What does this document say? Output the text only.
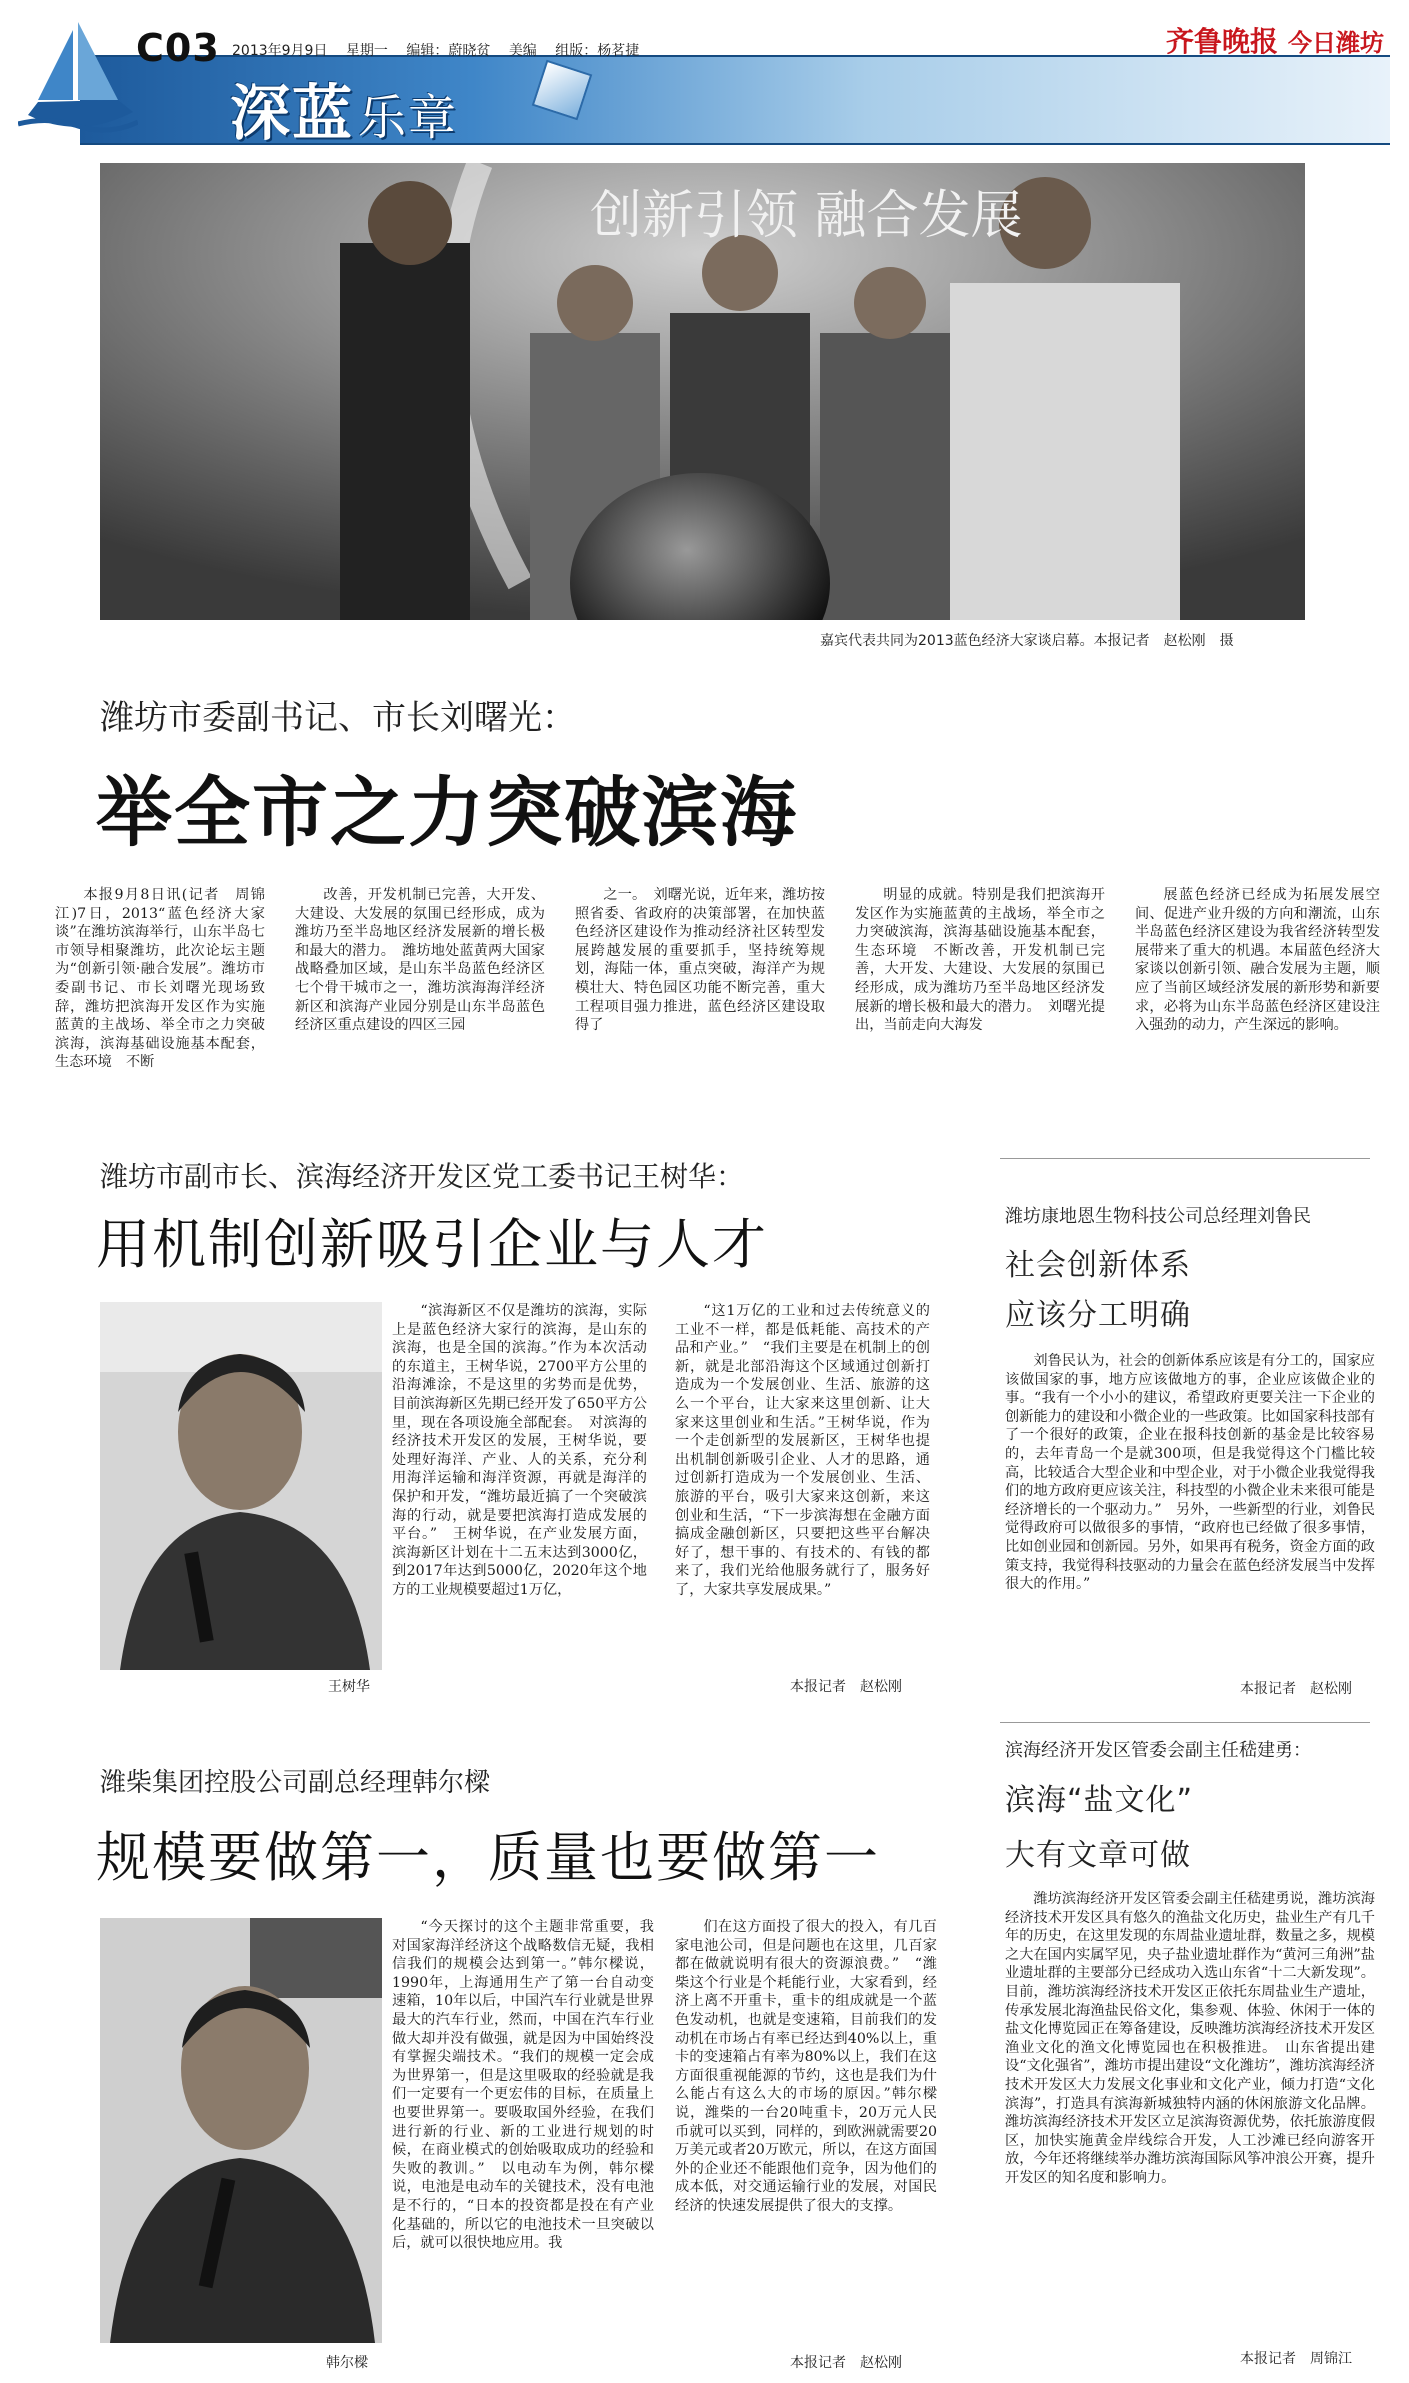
C03 2013年9月9日 星期一 编辑：蔚晓贫 美编 组版：杨茗捷
深蓝乐章
齐鲁晚报 今日潍坊
创新引领 融合发展
嘉宾代表共同为2013蓝色经济大家谈启幕。本报记者　赵松刚　摄
潍坊市委副书记、市长刘曙光：
举全市之力突破滨海

本报9月8日讯(记者　周锦江)7日，2013“蓝色经济大家谈”在潍坊滨海举行，山东半岛七市领导相聚潍坊，此次论坛主题为“创新引领·融合发展”。潍坊市委副书记、市长刘曙光现场致辞，潍坊把滨海开发区作为实施蓝黄的主战场、举全市之力突破滨海，滨海基础设施基本配套，生态环境　不断

改善，开发机制已完善，大开发、大建设、大发展的氛围已经形成，成为潍坊乃至半岛地区经济发展新的增长极和最大的潜力。　潍坊地处蓝黄两大国家战略叠加区域，是山东半岛蓝色经济区七个骨干城市之一，潍坊滨海海洋经济新区和滨海产业园分别是山东半岛蓝色经济区重点建设的四区三园

之一。　刘曙光说，近年来，潍坊按照省委、省政府的决策部署，在加快蓝色经济区建设作为推动经济社区转型发展跨越发展的重要抓手，坚持统筹规划，海陆一体，重点突破，海洋产为规模壮大、特色园区功能不断完善，重大工程项目强力推进，蓝色经济区建设取得了

明显的成就。特别是我们把滨海开发区作为实施蓝黄的主战场，举全市之力突破滨海，滨海基础设施基本配套，生态环境　不断改善，开发机制已完善，大开发、大建设、大发展的氛围已经形成，成为潍坊乃至半岛地区经济发展新的增长极和最大的潜力。　刘曙光提出，当前走向大海发

展蓝色经济已经成为拓展发展空间、促进产业升级的方向和潮流，山东半岛蓝色经济区建设为我省经济转型发展带来了重大的机遇。本届蓝色经济大家谈以创新引领、融合发展为主题，顺应了当前区域经济发展的新形势和新要求，必将为山东半岛蓝色经济区建设注入强劲的动力，产生深远的影响。

潍坊市副市长、滨海经济开发区党工委书记王树华：
用机制创新吸引企业与人才
王树华

“滨海新区不仅是潍坊的滨海，实际上是蓝色经济大家行的滨海，是山东的滨海，也是全国的滨海。”作为本次活动的东道主，王树华说，2700平方公里的沿海滩涂，不是这里的劣势而是优势，目前滨海新区先期已经开发了650平方公里，现在各项设施全部配套。　对滨海的经济技术开发区的发展，王树华说，要处理好海洋、产业、人的关系，充分利用海洋运输和海洋资源，再就是海洋的保护和开发，“潍坊最近搞了一个突破滨海的行动，就是要把滨海打造成发展的平台。”　王树华说，在产业发展方面，滨海新区计划在十二五末达到3000亿，到2017年达到5000亿，2020年这个地方的工业规模要超过1万亿，

“这1万亿的工业和过去传统意义的工业不一样，都是低耗能、高技术的产品和产业。”　“我们主要是在机制上的创新，就是北部沿海这个区域通过创新打造成为一个发展创业、生活、旅游的这么一个平台，让大家来这里创新、让大家来这里创业和生活。”王树华说，作为一个走创新型的发展新区，王树华也提出机制创新吸引企业、人才的思路，通过创新打造成为一个发展创业、生活、旅游的平台，吸引大家来这创新，来这创业和生活，“下一步滨海想在金融方面搞成金融创新区，只要把这些平台解决好了，想干事的、有技术的、有钱的都来了，我们光给他服务就行了，服务好了，大家共享发展成果。”

本报记者　赵松刚
潍坊康地恩生物科技公司总经理刘鲁民
社会创新体系
应该分工明确

刘鲁民认为，社会的创新体系应该是有分工的，国家应该做国家的事，地方应该做地方的事，企业应该做企业的事。“我有一个小小的建议，希望政府更要关注一下企业的创新能力的建设和小微企业的一些政策。比如国家科技部有了一个很好的政策，企业在报科技创新的基金是比较容易的，去年青岛一个是就300项，但是我觉得这个门槛比较高，比较适合大型企业和中型企业，对于小微企业我觉得我们的地方政府更应该关注，科技型的小微企业未来很可能是经济增长的一个驱动力。”　另外，一些新型的行业，刘鲁民觉得政府可以做很多的事情，“政府也已经做了很多事情，比如创业园和创新园。另外，如果再有税务，资金方面的政策支持，我觉得科技驱动的力量会在蓝色经济发展当中发挥很大的作用。”

本报记者　赵松刚
潍柴集团控股公司副总经理韩尔樑
规模要做第一，质量也要做第一
韩尔樑

“今天探讨的这个主题非常重要，我对国家海洋经济这个战略数信无疑，我相信我们的规模会达到第一。”韩尔樑说，1990年，上海通用生产了第一台自动变速箱，10年以后，中国汽车行业就是世界最大的汽车行业，然而，中国在汽车行业做大却并没有做强，就是因为中国始终没有掌握尖端技术。“我们的规模一定会成为世界第一，但是这里吸取的经验就是我们一定要有一个更宏伟的目标，在质量上也要世界第一。要吸取国外经验，在我们进行新的行业、新的工业进行规划的时候，在商业模式的创始吸取成功的经验和失败的教训。”　以电动车为例，韩尔樑说，电池是电动车的关键技术，没有电池是不行的，“日本的投资都是投在有产业化基础的，所以它的电池技术一旦突破以后，就可以很快地应用。我

们在这方面投了很大的投入，有几百家电池公司，但是问题也在这里，几百家都在做就说明有很大的资源浪费。”　“潍柴这个行业是个耗能行业，大家看到，经济上离不开重卡，重卡的组成就是一个蓝色发动机，也就是变速箱，目前我们的发动机在市场占有率已经达到40%以上，重卡的变速箱占有率为80%以上，我们在这方面很重视能源的节约，这也是我们为什么能占有这么大的市场的原因。”韩尔樑说，潍柴的一台20吨重卡，20万元人民币就可以买到，同样的，到欧洲就需要20万美元或者20万欧元，所以，在这方面国外的企业还不能跟他们竞争，因为他们的成本低，对交通运输行业的发展，对国民经济的快速发展提供了很大的支撑。

本报记者　赵松刚
滨海经济开发区管委会副主任嵇建勇：
滨海“盐文化”
大有文章可做

潍坊滨海经济开发区管委会副主任嵇建勇说，潍坊滨海经济技术开发区具有悠久的渔盐文化历史，盐业生产有几千年的历史，在这里发现的东周盐业遗址群，数量之多，规模之大在国内实属罕见，央子盐业遗址群作为“黄河三角洲”盐业遗址群的主要部分已经成功入选山东省“十二大新发现”。目前，潍坊滨海经济技术开发区正依托东周盐业生产遗址，传承发展北海渔盐民俗文化，集参观、体验、休闲于一体的盐文化博览园正在筹备建设，反映潍坊滨海经济技术开发区渔业文化的渔文化博览园也在积极推进。　山东省提出建设“文化强省”，潍坊市提出建设“文化潍坊”，潍坊滨海经济技术开发区大力发展文化事业和文化产业，倾力打造“文化滨海”，打造具有滨海新城独特内涵的休闲旅游文化品牌。潍坊滨海经济技术开发区立足滨海资源优势，依托旅游度假区，加快实施黄金岸线综合开发，人工沙滩已经向游客开放，今年还将继续举办潍坊滨海国际风筝冲浪公开赛，提升开发区的知名度和影响力。

本报记者　周锦江
